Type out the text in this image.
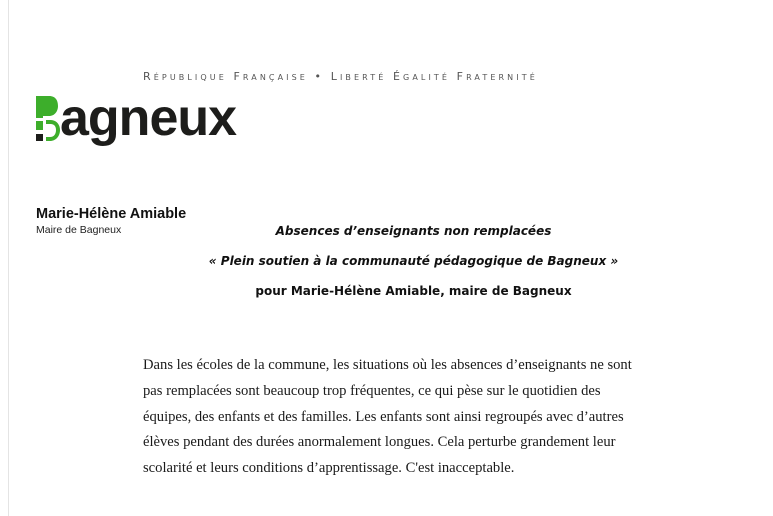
République Française • Liberté Égalité Fraternité
agneux
Marie-Hélène Amiable
Maire de Bagneux	Absences d’enseignants non remplacées
« Plein soutien à la communauté pédagogique de Bagneux »
pour Marie-Hélène Amiable, maire de Bagneux
Dans les écoles de la commune, les situations où les absences d’enseignants ne sont
pas remplacées sont beaucoup trop fréquentes, ce qui pèse sur le quotidien des
équipes, des enfants et des familles. Les enfants sont ainsi regroupés avec d’autres
élèves pendant des durées anormalement longues. Cela perturbe grandement leur
scolarité et leurs conditions d’apprentissage. C'est inacceptable.
